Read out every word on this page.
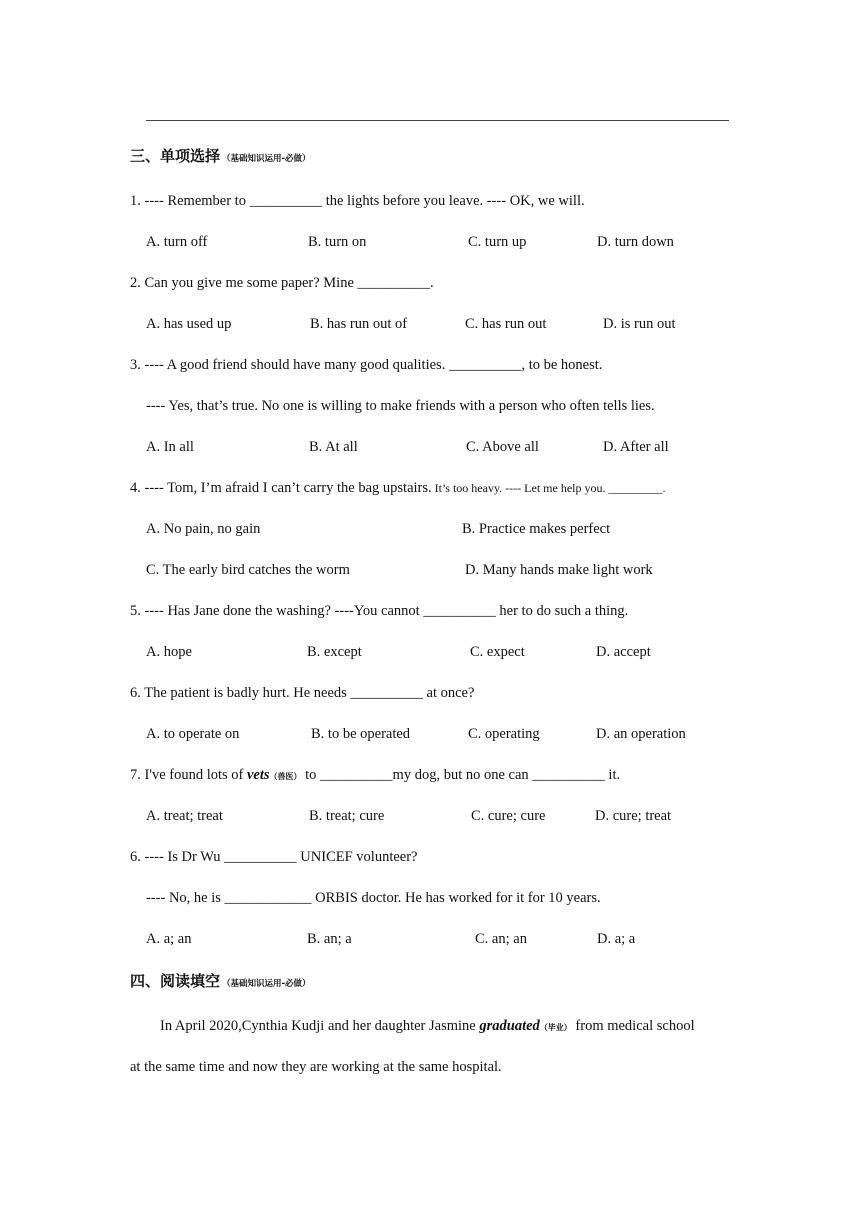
三、单项选择 （基础知识运用-必做）
1. ---- Remember to __________ the lights before you leave. ---- OK, we will.
A. turn off	B. turn on	C. turn up	D. turn down
2. Can you give me some paper? Mine __________.
A. has used up	B. has run out of	C. has run out	D. is run out
3. ---- A good friend should have many good qualities. __________, to be honest.
---- Yes, that’s true. No one is willing to make friends with a person who often tells lies.
A. In all	B. At all	C. Above all	D. After all
4. ---- Tom, I’m afraid I can’t carry the bag upstairs. It’s too heavy. ---- Let me help you. _________.
A. No pain, no gain	B. Practice makes perfect
C. The early bird catches the worm	D. Many hands make light work
5. ---- Has Jane done the washing? ----You cannot __________ her to do such a thing.
A. hope	B. except	C. expect	D. accept
6. The patient is badly hurt. He needs __________ at once?
A. to operate on	B. to be operated	C. operating	D. an operation
7. I've found lots of vets（兽医） to __________my dog, but no one can __________ it.
A. treat; treat	B. treat; cure	C. cure; cure	D. cure; treat
6. ---- Is Dr Wu __________ UNICEF volunteer?
---- No, he is ____________ ORBIS doctor. He has worked for it for 10 years.
A. a; an	B. an; a	C. an; an	D. a; a
四、阅读填空 （基础知识运用-必做）
In April 2020,Cynthia Kudji and her daughter Jasmine graduated（毕业） from medical school
at the same time and now they are working at the same hospital.
